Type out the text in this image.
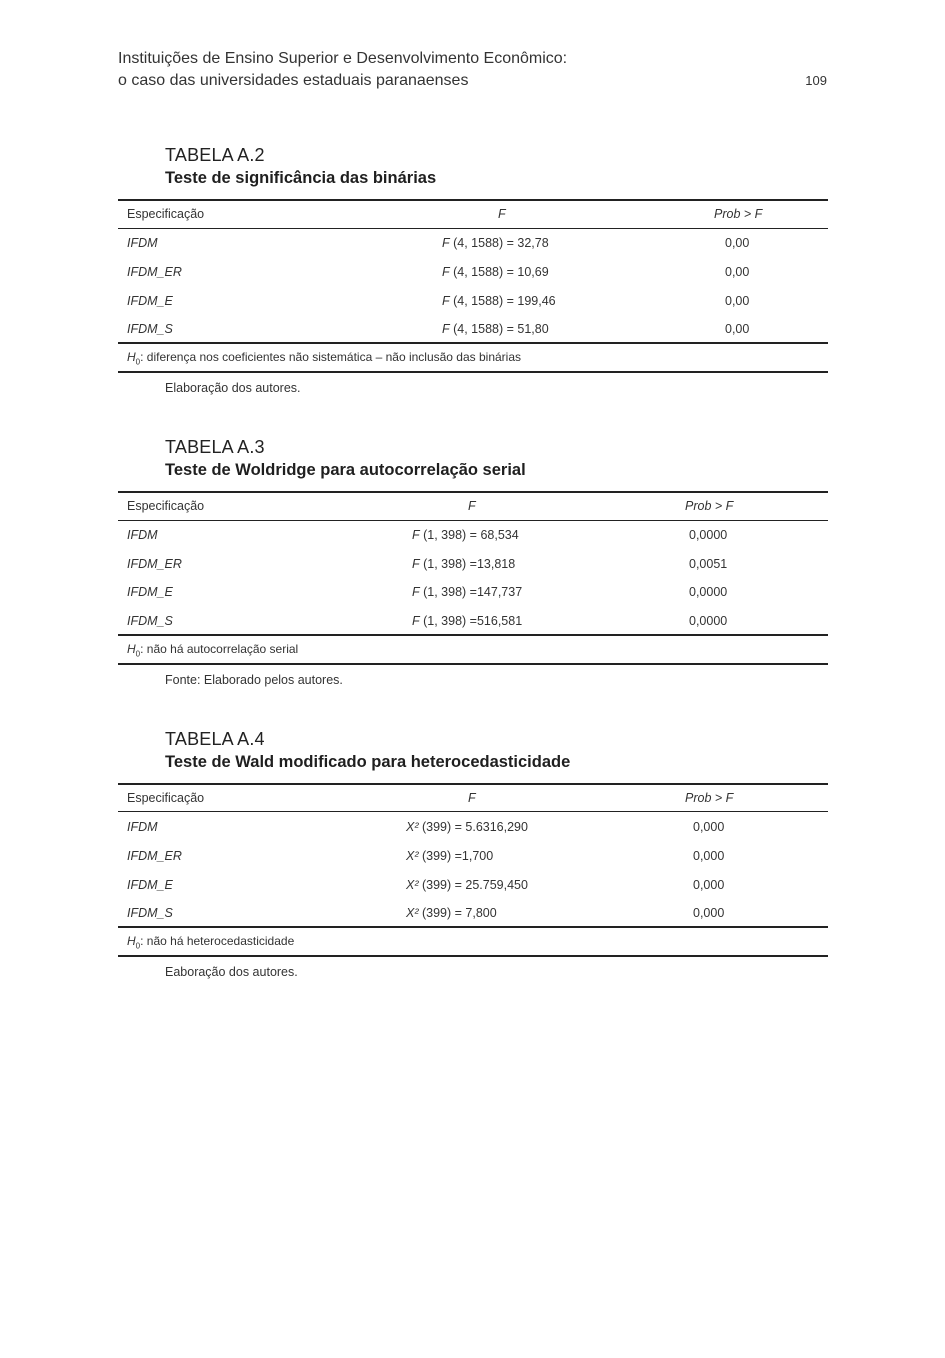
Instituições de Ensino Superior e Desenvolvimento Econômico:
o caso das universidades estaduais paranaenses	109
TABELA A.2
Teste de significância das binárias
Especificação	F	Prob > F
IFDM	F (4, 1588) = 32,78	0,00
IFDM_ER	F (4, 1588) = 10,69	0,00
IFDM_E	F (4, 1588) = 199,46	0,00
IFDM_S	F (4, 1588) = 51,80	0,00
$H_0$: diferença nos coeficientes não sistemática – não inclusão das binárias
Elaboração dos autores.
TABELA A.3
Teste de Woldridge para autocorrelação serial
Especificação	F	Prob > F
IFDM	F (1, 398) = 68,534	0,0000
IFDM_ER	F (1, 398) =13,818	0,0051
IFDM_E	F (1, 398) =147,737	0,0000
IFDM_S	F (1, 398) =516,581	0,0000
$H_0$: não há autocorrelação serial
Fonte: Elaborado pelos autores.
TABELA A.4
Teste de Wald modificado para heterocedasticidade
Especificação	F	Prob > F
IFDM	X² (399) = 5.6316,290	0,000
IFDM_ER	X² (399) =1,700	0,000
IFDM_E	X² (399) = 25.759,450	0,000
IFDM_S	X² (399) = 7,800	0,000
$H_0$: não há heterocedasticidade
Eaboração dos autores.
